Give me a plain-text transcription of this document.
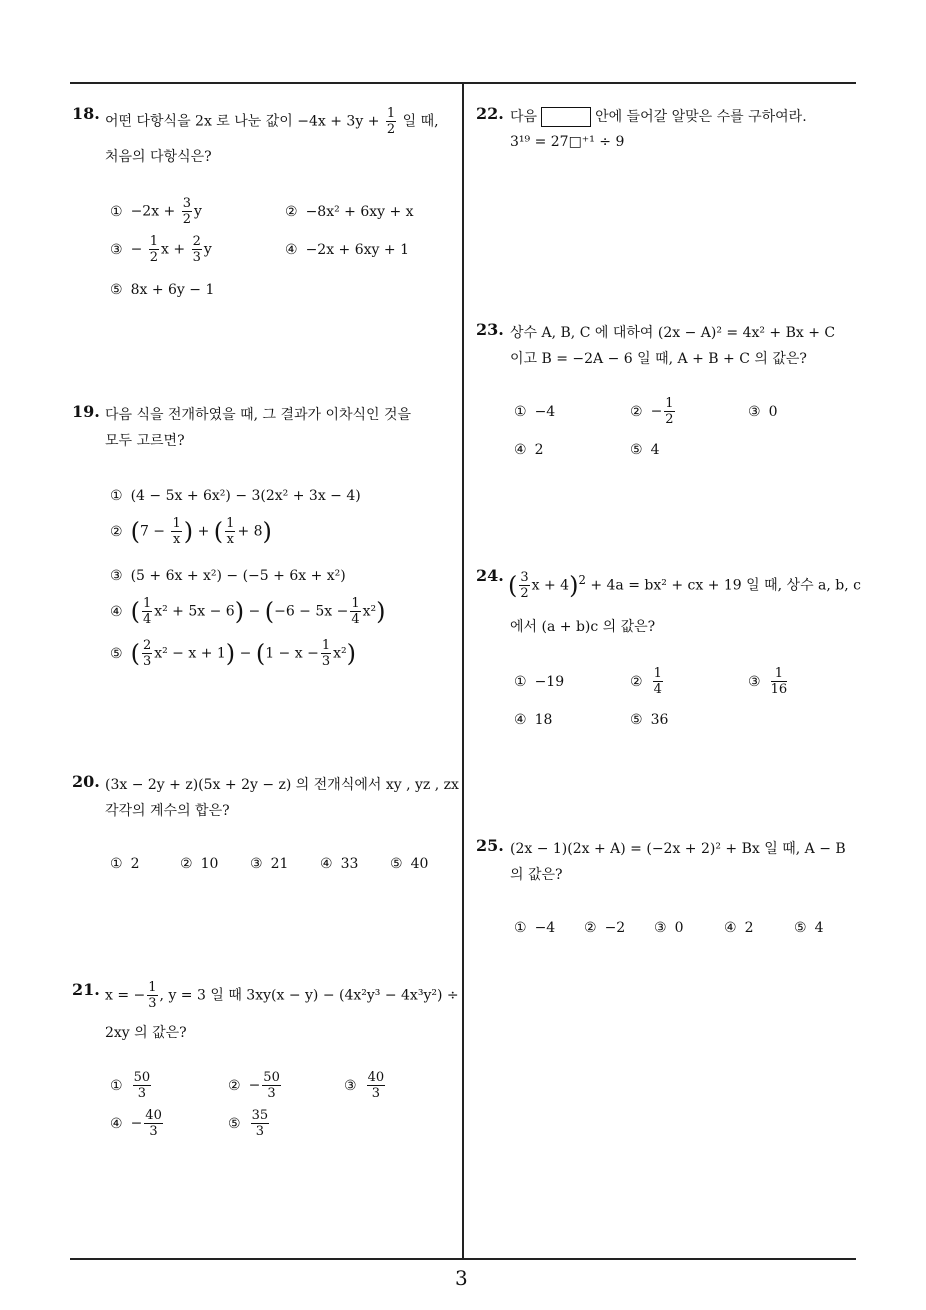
3
18. 어떤 다항식을 2x 로 나눈 값이 $-4x + 3y + \frac{1}{2}$ 일 때,
처음의 다항식은?
① $-2x + \frac{3}{2}$ y	② −8x² + 6xy + x
③ − $\frac{1}{2}$ $x + \frac{2}{3}$ y	④ −2x + 6xy + 1
⑤ 8x + 6y − 1
19. 다음 식을 전개하였을 때, 그 결과가 이차식인 것을
모두 고르면?
① (4 − 5x + 6x²) − 3(2x² + 3x − 4)
② ($7 - \frac{1}{x}$ ) + ( $\frac{1}{x} + 8$)
③ (5 + 6x + x²) − (−5 + 6x + x²)
④ ( $\frac{1}{4} x^2 + 5x - 6) - (-6 - 5x - \frac{1}{4} x^2)$
⑤ ( $\frac{2}{3} x^2 - x + 1) - (1 - x - \frac{1}{3} x^2)$
20. (3x − 2y + z)(5x + 2y − z) 의 전개식에서 xy , yz , zx
각각의 계수의 합은?
① 2	② 10 ③ 21 ④ 33 ⑤ 40
21. x = − $\frac{1}{3}$ , y = 3 일 때 3xy(x − y) − (4x²y³ − 4x³y²) ÷
2xy 의 값은?
① $\frac{50}{3}$	② − $\frac{50}{3}$	③ $\frac{40}{3}$
④ − $\frac{40}{3}$	⑤ $\frac{35}{3}$
22. 다음	안에 들어갈 알맞은 수를 구하여라.
3¹⁹ = 27□⁺¹ ÷ 9
23. 상수 A, B, C 에 대하여 (2x − A)² = 4x² + Bx + C
이고 B = −2A − 6 일 때, A + B + C 의 값은?
① −4	② − $\frac{1}{2}$	③ 0
④ 2	⑤ 4
24. ( $\frac{3}{2}$ x + 4)$^2$ + 4a = bx² + cx + 19 일 때, 상수 a, b, c
에서 (a + b)c 의 값은?
① −19	② $\frac{1}{4}$	③ $\frac{1}{16}$
④ 18	⑤ 36
25. (2x − 1)(2x + A) = (−2x + 2)² + Bx 일 때, A − B
의 값은?
① −4 ② −2 ③ 0	④ 2	⑤ 4
